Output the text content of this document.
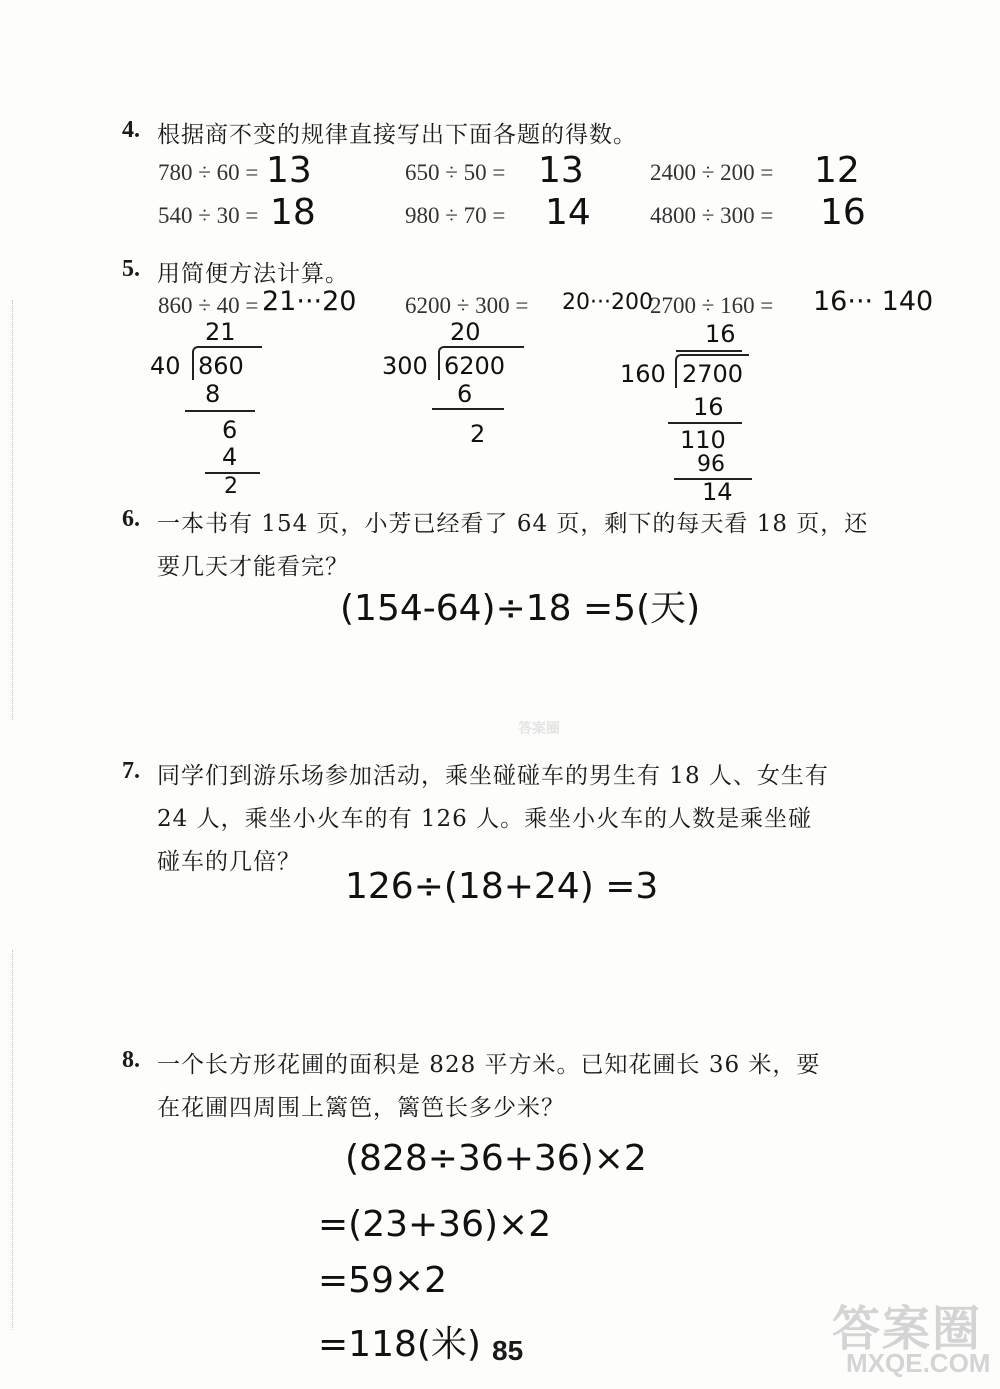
4. 根据商不变的规律直接写出下面各题的得数。
780 ÷ 60 = 13	650 ÷ 50 = 13	2400 ÷ 200 = 12
540 ÷ 30 = 18	980 ÷ 70 = 14	4800 ÷ 300 = 16
5. 用简便方法计算。
860 ÷ 40 = 21···20 6200 ÷ 300 = 20···200
2700 ÷ 160 = 16··· 140
21
40 860
8
6
4
2
20
300 6200
6
2
16
160 2700
16
110
96
14
6. 一本书有 154 页，小芳已经看了 64 页，剩下的每天看 18 页，还
要几天才能看完？
(154-64)÷18 =5(天)
答案圈
7. 同学们到游乐场参加活动，乘坐碰碰车的男生有 18 人、女生有
24 人，乘坐小火车的有 126 人。乘坐小火车的人数是乘坐碰
碰车的几倍？
126÷(18+24) =3
8. 一个长方形花圃的面积是 828 平方米。已知花圃长 36 米，要
在花圃四周围上篱笆，篱笆长多少米？
(828÷36+36)×2
=(23+36)×2
=59×2
=118(米) 85	答案圈
MXQE.COM
